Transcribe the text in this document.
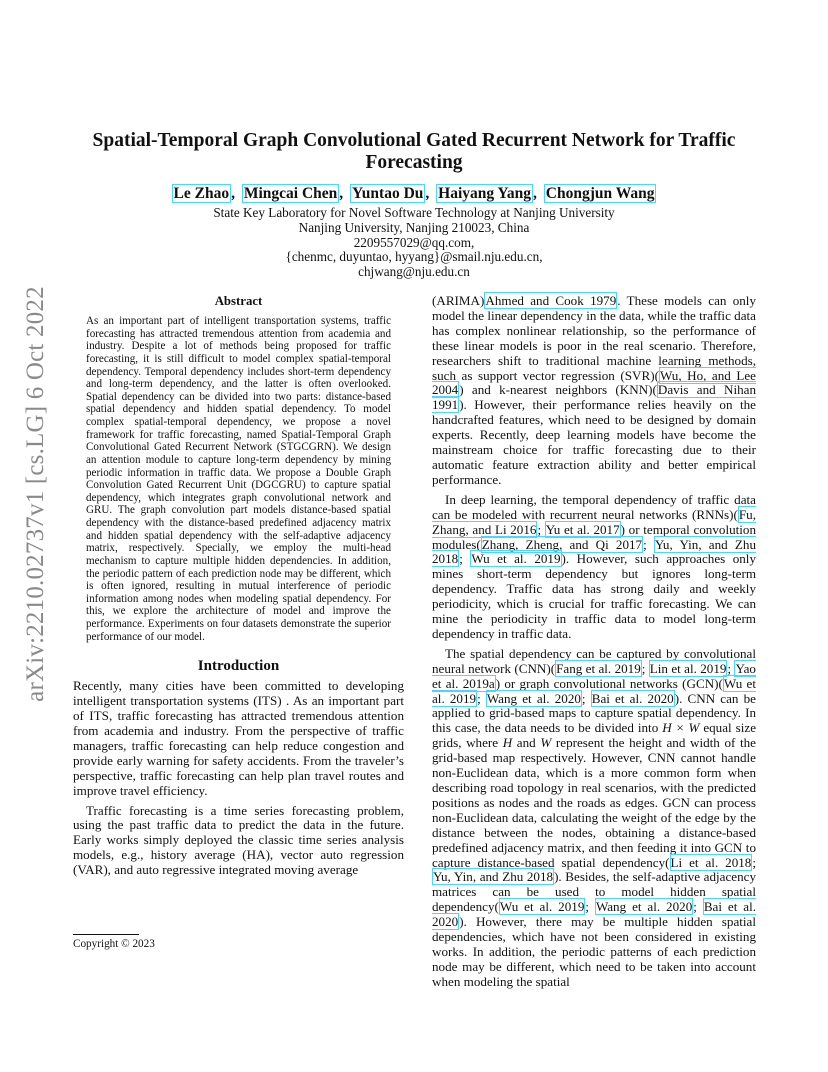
arXiv:2210.02737v1 [cs.LG] 6 Oct 2022
Spatial-Temporal Graph Convolutional Gated Recurrent Network for Traffic Forecasting
Le Zhao , Mingcai Chen , Yuntao Du , Haiyang Yang , Chongjun Wang
State Key Laboratory for Novel Software Technology at Nanjing University
Nanjing University, Nanjing 210023, China
2209557029@qq.com,
{chenmc, duyuntao, hyyang}@smail.nju.edu.cn,
chjwang@nju.edu.cn
Abstract
As an important part of intelligent transportation systems, traffic forecasting has attracted tremendous attention from academia and industry. Despite a lot of methods being proposed for traffic forecasting, it is still difficult to model complex spatial-temporal dependency. Temporal dependency includes short-term dependency and long-term dependency, and the latter is often overlooked. Spatial dependency can be divided into two parts: distance-based spatial dependency and hidden spatial dependency. To model complex spatial-temporal dependency, we propose a novel framework for traffic forecasting, named Spatial-Temporal Graph Convolutional Gated Recurrent Network (STGCGRN). We design an attention module to capture long-term dependency by mining periodic information in traffic data. We propose a Double Graph Convolution Gated Recurrent Unit (DGCGRU) to capture spatial dependency, which integrates graph convolutional network and GRU. The graph convolution part models distance-based spatial dependency with the distance-based predefined adjacency matrix and hidden spatial dependency with the self-adaptive adjacency matrix, respectively. Specially, we employ the multi-head mechanism to capture multiple hidden dependencies. In addition, the periodic pattern of each prediction node may be different, which is often ignored, resulting in mutual interference of periodic information among nodes when modeling spatial dependency. For this, we explore the architecture of model and improve the performance. Experiments on four datasets demonstrate the superior performance of our model.
Introduction

Recently, many cities have been committed to developing intelligent transportation systems (ITS) . As an important part of ITS, traffic forecasting has attracted tremendous attention from academia and industry. From the perspective of traffic managers, traffic forecasting can help reduce congestion and provide early warning for safety accidents. From the traveler’s perspective, traffic forecasting can help plan travel routes and improve travel efficiency.

Traffic forecasting is a time series forecasting problem, using the past traffic data to predict the data in the future. Early works simply deployed the classic time series analysis models, e.g., history average (HA), vector auto regression (VAR), and auto regressive integrated moving average

Copyright © 2023

(ARIMA)Ahmed and Cook 1979. These models can only model the linear dependency in the data, while the traffic data has complex nonlinear relationship, so the performance of these linear models is poor in the real scenario. Therefore, researchers shift to traditional machine learning methods, such as support vector regression (SVR)(Wu, Ho, and Lee 2004) and k-nearest neighbors (KNN)(Davis and Nihan 1991). However, their performance relies heavily on the handcrafted features, which need to be designed by domain experts. Recently, deep learning models have become the mainstream choice for traffic forecasting due to their automatic feature extraction ability and better empirical performance.

In deep learning, the temporal dependency of traffic data can be modeled with recurrent neural networks (RNNs)(Fu, Zhang, and Li 2016; Yu et al. 2017) or temporal convolution modules(Zhang, Zheng, and Qi 2017; Yu, Yin, and Zhu 2018; Wu et al. 2019). However, such approaches only mines short-term dependency but ignores long-term dependency. Traffic data has strong daily and weekly periodicity, which is crucial for traffic forecasting. We can mine the periodicity in traffic data to model long-term dependency in traffic data.

The spatial dependency can be captured by convolutional neural network (CNN)(Fang et al. 2019; Lin et al. 2019; Yao et al. 2019a) or graph convolutional networks (GCN)(Wu et al. 2019; Wang et al. 2020; Bai et al. 2020). CNN can be applied to grid-based maps to capture spatial dependency. In this case, the data needs to be divided into H × W equal size grids, where H and W represent the height and width of the grid-based map respectively. However, CNN cannot handle non-Euclidean data, which is a more common form when describing road topology in real scenarios, with the predicted positions as nodes and the roads as edges. GCN can process non-Euclidean data, calculating the weight of the edge by the distance between the nodes, obtaining a distance-based predefined adjacency matrix, and then feeding it into GCN to capture distance-based spatial dependency(Li et al. 2018; Yu, Yin, and Zhu 2018). Besides, the self-adaptive adjacency matrices can be used to model hidden spatial dependency(Wu et al. 2019; Wang et al. 2020; Bai et al. 2020). However, there may be multiple hidden spatial dependencies, which have not been considered in existing works. In addition, the periodic patterns of each prediction node may be different, which need to be taken into account when modeling the spatial
